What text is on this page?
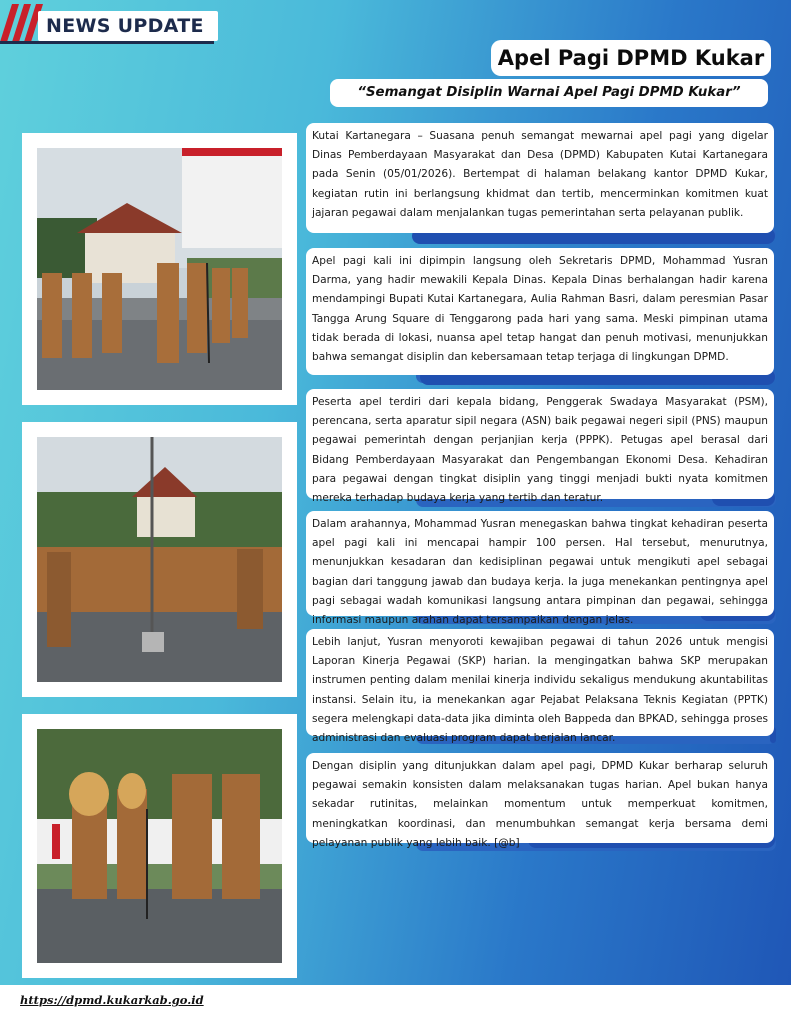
NEWS UPDATE
Apel Pagi DPMD Kukar
“Semangat Disiplin Warnai Apel Pagi DPMD Kukar”
Kutai Kartanegara – Suasana penuh semangat mewarnai apel pagi yang digelar Dinas Pemberdayaan Masyarakat dan Desa (DPMD) Kabupaten Kutai Kartanegara pada Senin (05/01/2026). Bertempat di halaman belakang kantor DPMD Kukar, kegiatan rutin ini berlangsung khidmat dan tertib, mencerminkan komitmen kuat jajaran pegawai dalam menjalankan tugas pemerintahan serta pelayanan publik.
Apel pagi kali ini dipimpin langsung oleh Sekretaris DPMD, Mohammad Yusran Darma, yang hadir mewakili Kepala Dinas. Kepala Dinas berhalangan hadir karena mendampingi Bupati Kutai Kartanegara, Aulia Rahman Basri, dalam peresmian Pasar Tangga Arung Square di Tenggarong pada hari yang sama. Meski pimpinan utama tidak berada di lokasi, nuansa apel tetap hangat dan penuh motivasi, menunjukkan bahwa semangat disiplin dan kebersamaan tetap terjaga di lingkungan DPMD.
Peserta apel terdiri dari kepala bidang, Penggerak Swadaya Masyarakat (PSM), perencana, serta aparatur sipil negara (ASN) baik pegawai negeri sipil (PNS) maupun pegawai pemerintah dengan perjanjian kerja (PPPK). Petugas apel berasal dari Bidang Pemberdayaan Masyarakat dan Pengembangan Ekonomi Desa. Kehadiran para pegawai dengan tingkat disiplin yang tinggi menjadi bukti nyata komitmen mereka terhadap budaya kerja yang tertib dan teratur.
Dalam arahannya, Mohammad Yusran menegaskan bahwa tingkat kehadiran peserta apel pagi kali ini mencapai hampir 100 persen. Hal tersebut, menurutnya, menunjukkan kesadaran dan kedisiplinan pegawai untuk mengikuti apel sebagai bagian dari tanggung jawab dan budaya kerja. Ia juga menekankan pentingnya apel pagi sebagai wadah komunikasi langsung antara pimpinan dan pegawai, sehingga informasi maupun arahan dapat tersampaikan dengan jelas.
Lebih lanjut, Yusran menyoroti kewajiban pegawai di tahun 2026 untuk mengisi Laporan Kinerja Pegawai (SKP) harian. Ia mengingatkan bahwa SKP merupakan instrumen penting dalam menilai kinerja individu sekaligus mendukung akuntabilitas instansi. Selain itu, ia menekankan agar Pejabat Pelaksana Teknis Kegiatan (PPTK) segera melengkapi data-data jika diminta oleh Bappeda dan BPKAD, sehingga proses administrasi dan evaluasi program dapat berjalan lancar.
Dengan disiplin yang ditunjukkan dalam apel pagi, DPMD Kukar berharap seluruh pegawai semakin konsisten dalam melaksanakan tugas harian. Apel bukan hanya sekadar rutinitas, melainkan momentum untuk memperkuat komitmen, meningkatkan koordinasi, dan menumbuhkan semangat kerja bersama demi pelayanan publik yang lebih baik. [@b]
https://dpmd.kukarkab.go.id
